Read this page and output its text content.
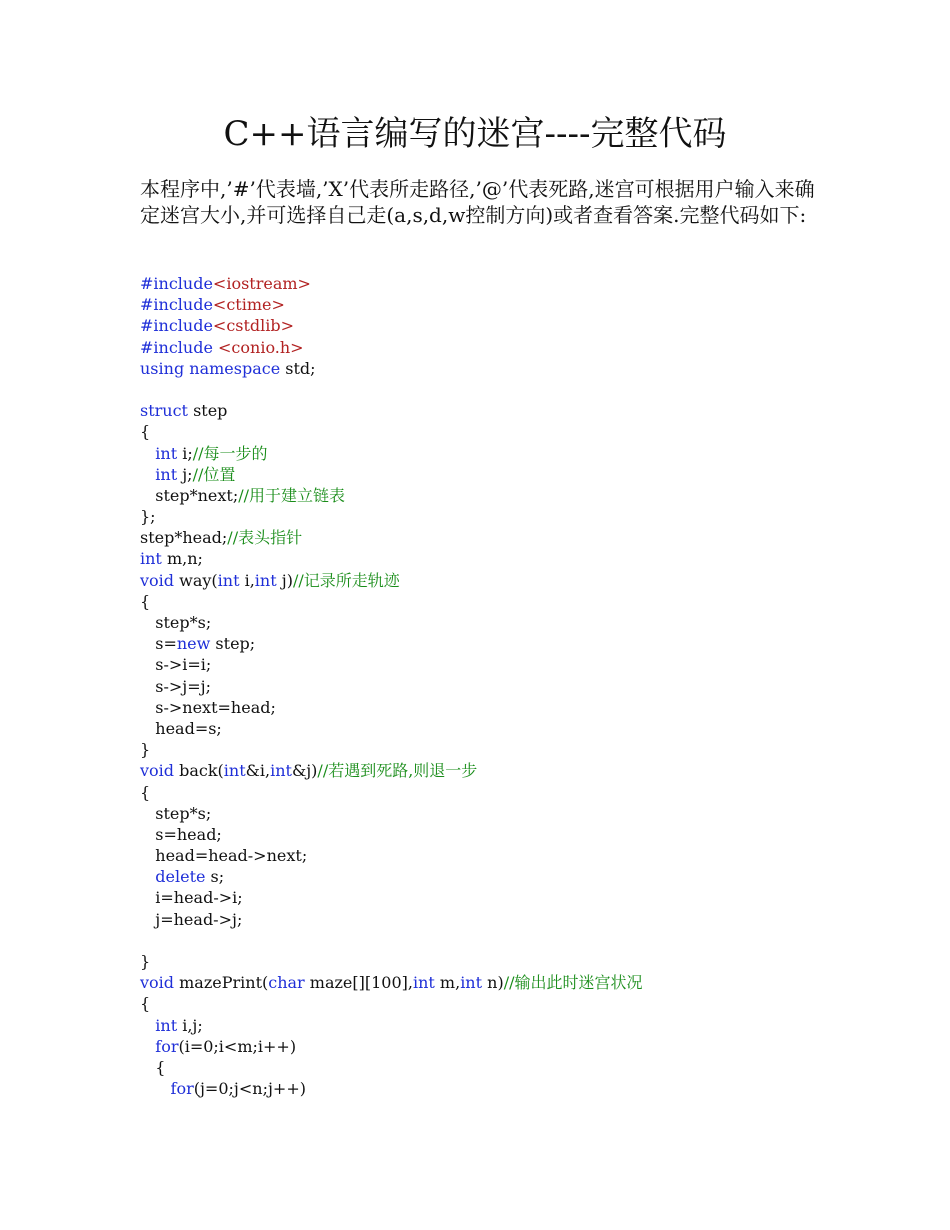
C++语言编写的迷宫----完整代码

本程序中,’#’代表墙,’X’代表所走路径,’@’代表死路,迷宫可根据用户输入来确定迷宫大小,并可选择自己走(a,s,d,w控制方向)或者查看答案.完整代码如下:

#include<iostream>
#include<ctime>
#include<cstdlib>
#include <conio.h>
using namespace std;
struct step
{
int i;//每一步的
int j;//位置
step*next;//用于建立链表
};
step*head;//表头指针
int m,n;
void way(int i,int j)//记录所走轨迹
{
step*s;
s=new step;
s->i=i;
s->j=j;
s->next=head;
head=s;
}
void back(int&i,int&j)//若遇到死路,则退一步
{
step*s;
s=head;
head=head->next;
delete s;
i=head->i;
j=head->j;
}
void mazePrint(char maze[][100],int m,int n)//输出此时迷宫状况
{
int i,j;
for(i=0;i<m;i++)
{
for(j=0;j<n;j++)
